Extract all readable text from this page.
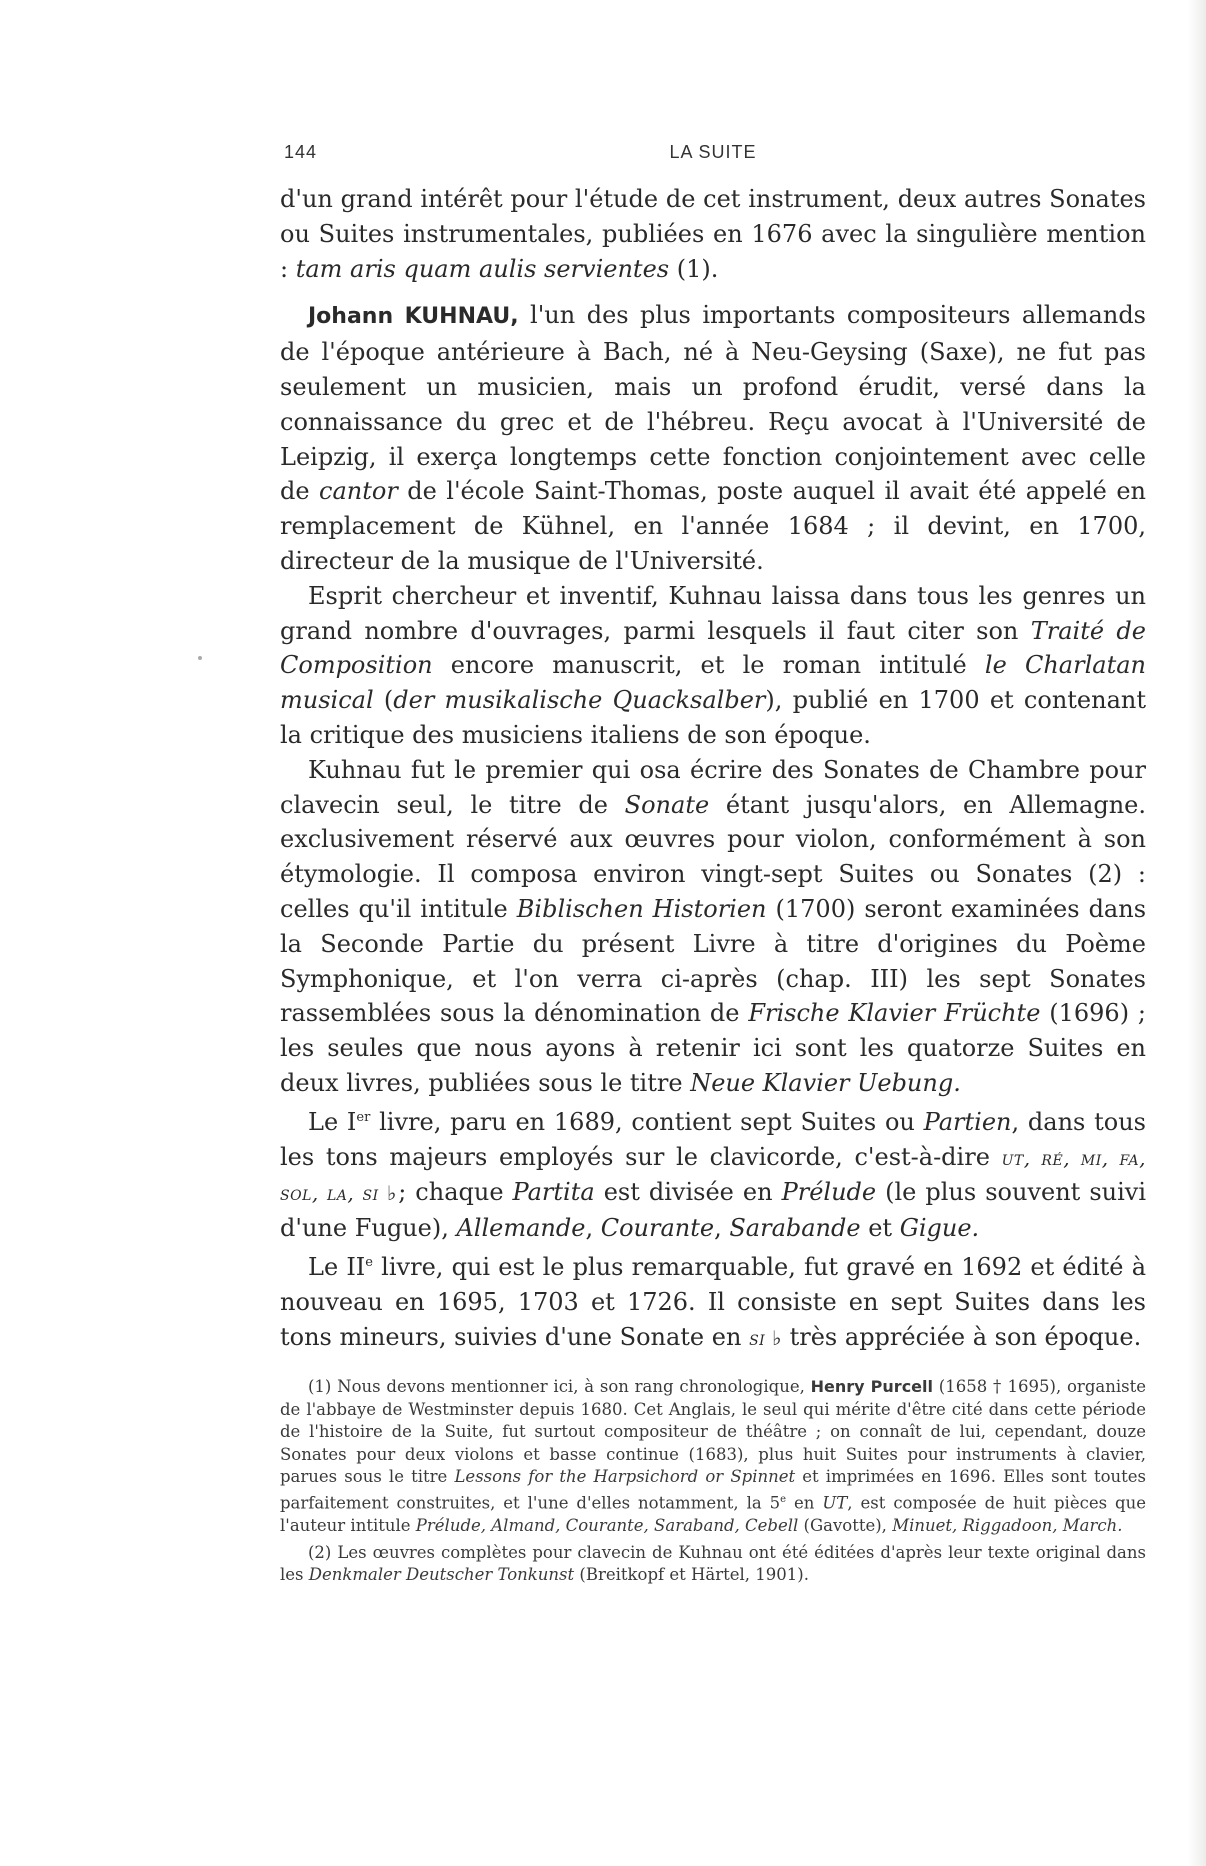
144	LA SUITE

d'un grand intérêt pour l'étude de cet instrument, deux autres Sonates ou Suites instrumentales, publiées en 1676 avec la singulière mention : tam aris quam aulis servientes (1).

Johann KUHNAU, l'un des plus importants compositeurs allemands de l'époque antérieure à Bach, né à Neu-Geysing (Saxe), ne fut pas seulement un musicien, mais un profond érudit, versé dans la connaissance du grec et de l'hébreu. Reçu avocat à l'Université de Leipzig, il exerça longtemps cette fonction conjointement avec celle de cantor de l'école Saint-Thomas, poste auquel il avait été appelé en remplacement de Kühnel, en l'année 1684 ; il devint, en 1700, directeur de la musique de l'Université.

Esprit chercheur et inventif, Kuhnau laissa dans tous les genres un grand nombre d'ouvrages, parmi lesquels il faut citer son Traité de Composition encore manuscrit, et le roman intitulé le Charlatan musical (der musikalische Quacksalber), publié en 1700 et contenant la critique des musiciens italiens de son époque.

Kuhnau fut le premier qui osa écrire des Sonates de Chambre pour clavecin seul, le titre de Sonate étant jusqu'alors, en Allemagne. exclusivement réservé aux œuvres pour violon, conformément à son étymologie. Il composa environ vingt-sept Suites ou Sonates (2) : celles qu'il intitule Biblischen Historien (1700) seront examinées dans la Seconde Partie du présent Livre à titre d'origines du Poème Symphonique, et l'on verra ci-après (chap. III) les sept Sonates rassemblées sous la dénomination de Frische Klavier Früchte (1696) ; les seules que nous ayons à retenir ici sont les quatorze Suites en deux livres, publiées sous le titre Neue Klavier Uebung.

Le Ier livre, paru en 1689, contient sept Suites ou Partien, dans tous les tons majeurs employés sur le clavicorde, c'est-à-dire ut, ré, mi, fa, sol, la, si ♭; chaque Partita est divisée en Prélude (le plus souvent suivi d'une Fugue), Allemande, Courante, Sarabande et Gigue.

Le IIe livre, qui est le plus remarquable, fut gravé en 1692 et édité à nouveau en 1695, 1703 et 1726. Il consiste en sept Suites dans les tons mineurs, suivies d'une Sonate en si ♭ très appréciée à son époque.

(1) Nous devons mentionner ici, à son rang chronologique, Henry Purcell (1658 † 1695), organiste de l'abbaye de Westminster depuis 1680. Cet Anglais, le seul qui mérite d'être cité dans cette période de l'histoire de la Suite, fut surtout compositeur de théâtre ; on connaît de lui, cependant, douze Sonates pour deux violons et basse continue (1683), plus huit Suites pour instruments à clavier, parues sous le titre Lessons for the Harpsichord or Spinnet et imprimées en 1696. Elles sont toutes parfaitement construites, et l'une d'elles notamment, la 5e en UT, est composée de huit pièces que l'auteur intitule Prélude, Almand, Courante, Saraband, Cebell (Gavotte), Minuet, Riggadoon, March.

(2) Les œuvres complètes pour clavecin de Kuhnau ont été éditées d'après leur texte original dans les Denkmaler Deutscher Tonkunst (Breitkopf et Härtel, 1901).
